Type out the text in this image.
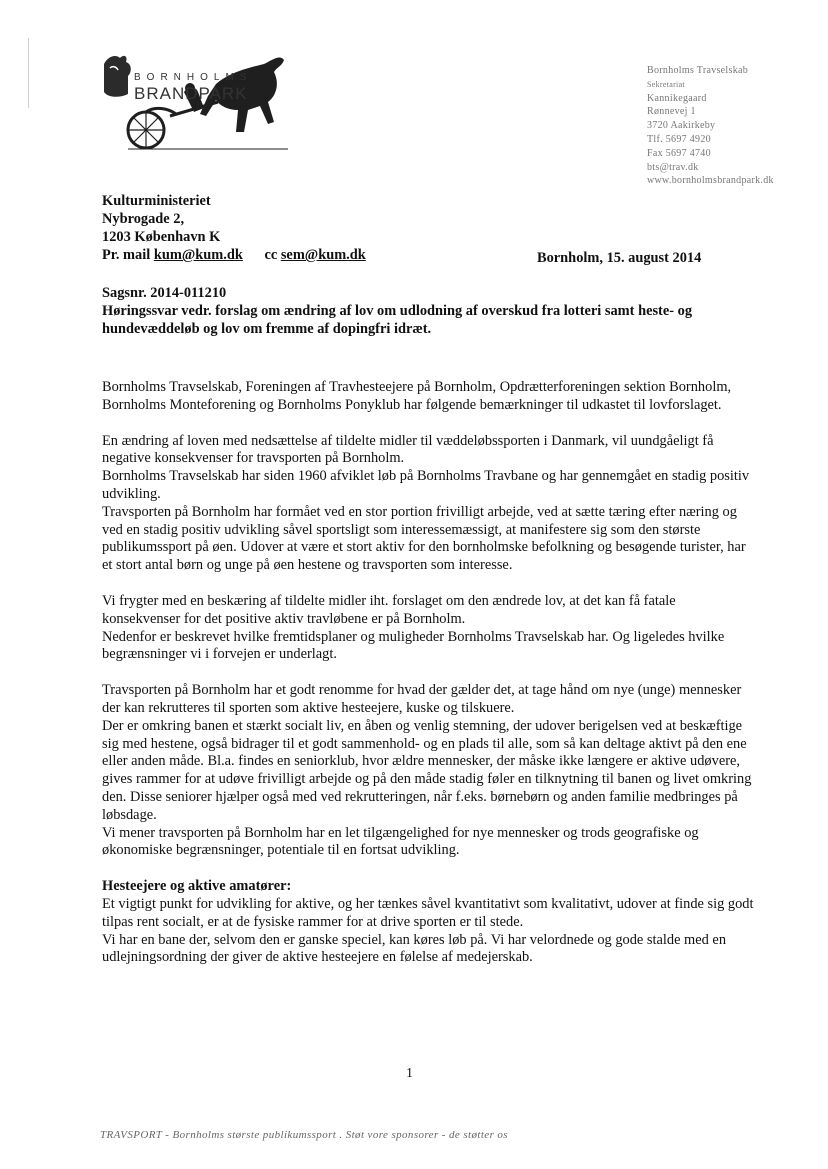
BORNHOLMS
BRANDPARK
Bornholms Travselskab
Sekretariat
Kannikegaard
Rønnevej 1
3720 Aakirkeby
Tlf. 5697 4920
Fax 5697 4740
bts@trav.dk
www.bornholmsbrandpark.dk
Kulturministeriet
Nybrogade 2,
1203 København K
Pr. mail kum@kum.dk cc sem@kum.dk	Bornholm, 15. august 2014
Sagsnr. 2014-011210
Høringssvar vedr. forslag om ændring af lov om udlodning af overskud fra lotteri samt heste- og hundevæddeløb og lov om fremme af dopingfri idræt.

Bornholms Travselskab, Foreningen af Travhesteejere på Bornholm, Opdrætterforeningen sektion Bornholm, Bornholms Monteforening og Bornholms Ponyklub har følgende bemærkninger til udkastet til lovforslaget.

En ændring af loven med nedsættelse af tildelte midler til væddeløbssporten i Danmark, vil uundgåeligt få negative konsekvenser for travsporten på Bornholm.
Bornholms Travselskab har siden 1960 afviklet løb på Bornholms Travbane og har gennemgået en stadig positiv udvikling.
Travsporten på Bornholm har formået ved en stor portion frivilligt arbejde, ved at sætte tæring efter næring og ved en stadig positiv udvikling såvel sportsligt som interessemæssigt, at manifestere sig som den største publikumssport på øen. Udover at være et stort aktiv for den bornholmske befolkning og besøgende turister, har et stort antal børn og unge på øen hestene og travsporten som interesse.

Vi frygter med en beskæring af tildelte midler iht. forslaget om den ændrede lov, at det kan få fatale konsekvenser for det positive aktiv travløbene er på Bornholm.
Nedenfor er beskrevet hvilke fremtidsplaner og muligheder Bornholms Travselskab har. Og ligeledes hvilke begrænsninger vi i forvejen er underlagt.

Travsporten på Bornholm har et godt renomme for hvad der gælder det, at tage hånd om nye (unge) mennesker der kan rekrutteres til sporten som aktive hesteejere, kuske og tilskuere.
Der er omkring banen et stærkt socialt liv, en åben og venlig stemning, der udover berigelsen ved at beskæftige sig med hestene, også bidrager til et godt sammenhold- og en plads til alle, som så kan deltage aktivt på den ene eller anden måde. Bl.a. findes en seniorklub, hvor ældre mennesker, der måske ikke længere er aktive udøvere, gives rammer for at udøve frivilligt arbejde og på den måde stadig føler en tilknytning til banen og livet omkring den. Disse seniorer hjælper også med ved rekrutteringen, når f.eks. børnebørn og anden familie medbringes på løbsdage.
Vi mener travsporten på Bornholm har en let tilgængelighed for nye mennesker og trods geografiske og økonomiske begrænsninger, potentiale til en fortsat udvikling.

Hesteejere og aktive amatører:

Et vigtigt punkt for udvikling for aktive, og her tænkes såvel kvantitativt som kvalitativt, udover at finde sig godt tilpas rent socialt, er at de fysiske rammer for at drive sporten er til stede.
Vi har en bane der, selvom den er ganske speciel, kan køres løb på. Vi har velordnede og gode stalde med en udlejningsordning der giver de aktive hesteejere en følelse af medejerskab.

1
TRAVSPORT - Bornholms største publikumssport . Støt vore sponsorer - de støtter os
